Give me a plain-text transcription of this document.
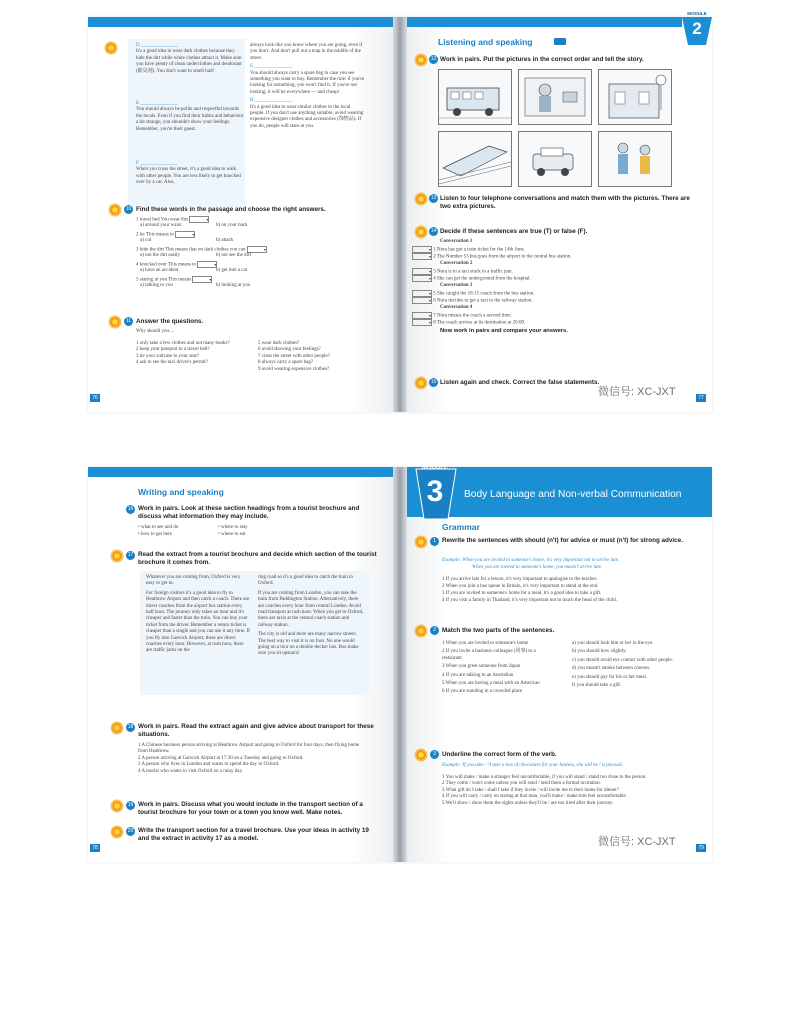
D _______________
It's a good idea to wear dark clothes because they hide the dirt while white clothes attract it. Make sure you have plenty of clean underclothes and deodorant (除臭剂). You don't want to smell bad!
E _______________
You should always be polite and respectful towards the locals. Even if you find their habits and behaviour a bit strange, you shouldn't show your feelings. Remember, you're their guest.
F _______________
When you cross the street, it's a good idea to walk with other people. You are less likely to get knocked over by a car. Also,
always look like you know where you are going, even if you don't. And don't pull out a map in the middle of the street.
G _______________
You should always carry a spare bag in case you see something you want to buy. Remember the rule: if you're looking for something, you won't find it. If you're not looking, it will be everywhere — and cheap!
H _______________
It's a good idea to wear similar clothes to the local people. If you don't use anything suitable, avoid wearing expensive designer clothes and accessories (饰物品). If you do, people will stare at you.
10 Find these words in the passage and choose the right answers.
1 travel bed You wear this	▾
a) around your waist	b) on your back
2 tie This means to	▾
a) cut	b) attack
3 hide the dirt This means that on dark clothes you can	▾
a) not the dirt easily	b) not see the dirt
4 knocked over This means to	▾
a) have an accident	b) get into a car
5 staring at you This means	▾
a) talking to you	b) looking at you
11 Answer the questions.
Why should you ...
1 only take a few clothes and not many books?
2 keep your passport in a travel belt?
3 tie your suitcase to your seat?
4 ask to see the taxi driver's permit?
5 wear dark clothes?
6 avoid showing your feelings?
7 cross the street with other people?
8 always carry a spare bag?
9 avoid wearing expensive clothes?
76
MODULE
2
Listening and speaking
12 Work in pairs. Put the pictures in the correct order and tell the story.
13 Listen to four telephone conversations and match them with the pictures. There are two extra pictures.
14 Decide if these sentences are true (T) or false (F).
Conversation 1
▾ 1 Nora has got a train ticket for the 14th June.
▾ 2 The Number 53 bus goes from the airport to the central bus station.
Conversation 2
▾ 3 Nora is in a taxi stuck in a traffic jam.
▾ 4 She can get the underground from the hospital.
Conversation 3
▾ 5 She caught the 18:15 coach from the bus station.
▾ 6 Nora decides to get a taxi to the railway station.
Conversation 4
▾ 7 Nora misses the coach a second time.
▾ 8 The coach arrives at its destination at 20:00.
Now work in pairs and compare your answers.
15 Listen again and check. Correct the false statements.
微信号: XC-JXT	77
Writing and speaking
16 Work in pairs. Look at these section headings from a tourist brochure and discuss what information they may include.
• what to see and do	• where to stay
• how to get here	• where to eat
17 Read the extract from a tourist brochure and decide which section of the tourist brochure it comes from.
Whatever you are coming from, Oxford is very easy to get to.
For foreign visitors it's a good idea to fly to Heathrow Airport and then catch a coach. There are direct coaches from the airport bus station every half hour. The journey only takes an hour and it's cheaper and faster than the train. You can buy your ticket from the driver. Remember a return ticket is cheaper than a single and you can use it any time. If you fly into Gatwick Airport, there are direct coaches every hour. However, at rush hour, there are traffic jams on the
ring road so it's a good idea to catch the train to Oxford.
If you are coming from London, you can take the train from Paddington Station. Alternatively, there are coaches every hour from central London. Avoid road transport at rush hour. When you get to Oxford, there are taxis at the central coach station and railway station.
The city is old and there are many narrow streets. The best way to visit it is on foot. No one would going on a tour on a double-decker bus. Bus make sure you sit upstairs!
18 Work in pairs. Read the extract again and give advice about transport for these situations.
1 A Chinese business person arriving at Heathrow Airport and going to Oxford for four days, then flying home from Heathrow.
2 A person arriving at Gatwick Airport at 17:30 on a Tuesday and going to Oxford.
3 A person who lives in London and wants to spend the day in Oxford.
4 A tourist who wants to visit Oxford on a rainy day.
19 Work in pairs. Discuss what you would include in the transport section of a tourist brochure for your town or a town you know well. Make notes.
20 Write the transport section for a travel brochure. Use your ideas in activity 19 and the extract in activity 17 as a model.
78
MODULE
3	Body Language and Non-verbal Communication
Grammar
1 Rewrite the sentences with should (n't) for advice or must (n't) for strong advice.
Example: When you are invited to someone's home, it's very important not to arrive late.
When you are invited to someone's home, you mustn't arrive late.
1 If you arrive late for a lesson, it's very important to apologise to the teacher.
2 When you join a bus queue in Britain, it's very important to stand at the end.
3 If you are invited to someone's home for a meal, it's a good idea to take a gift.
4 If you visit a family in Thailand, it's very important not to touch the head of the child.
2 Match the two parts of the sentences.
1 When you are invited to someone's home
2 If you invite a business colleague (同事) to a restaurant
3 When you greet someone from Japan
4 If you are talking to an Australian
5 When you are having a meal with an American
6 If you are standing in a crowded place
a) you should look him or her in the eye.
b) you should bow slightly.
c) you should avoid eye contact with other people.
d) you mustn't smoke between courses.
e) you should pay for his or her meal.
f) you should take a gift.
3 Underline the correct form of the verb.
Example: If you take / ^I take a box of chocolates for your hostess, she will be / is pleased.
1 You will make / make a stranger feel uncomfortable, if you will stand / stand too close to the person.
2 They come / won't come unless you will send / send them a formal invitation.
3 What gift do I take / shall I take if they invite / will invite me to their home for dinner?
4 If you will carry / carry on staring at that man, you'll make / make him feel uncomfortable.
5 We'll show / show them the sights unless they'll be / are too tired after their journey.
微信号: XC-JXT	79
